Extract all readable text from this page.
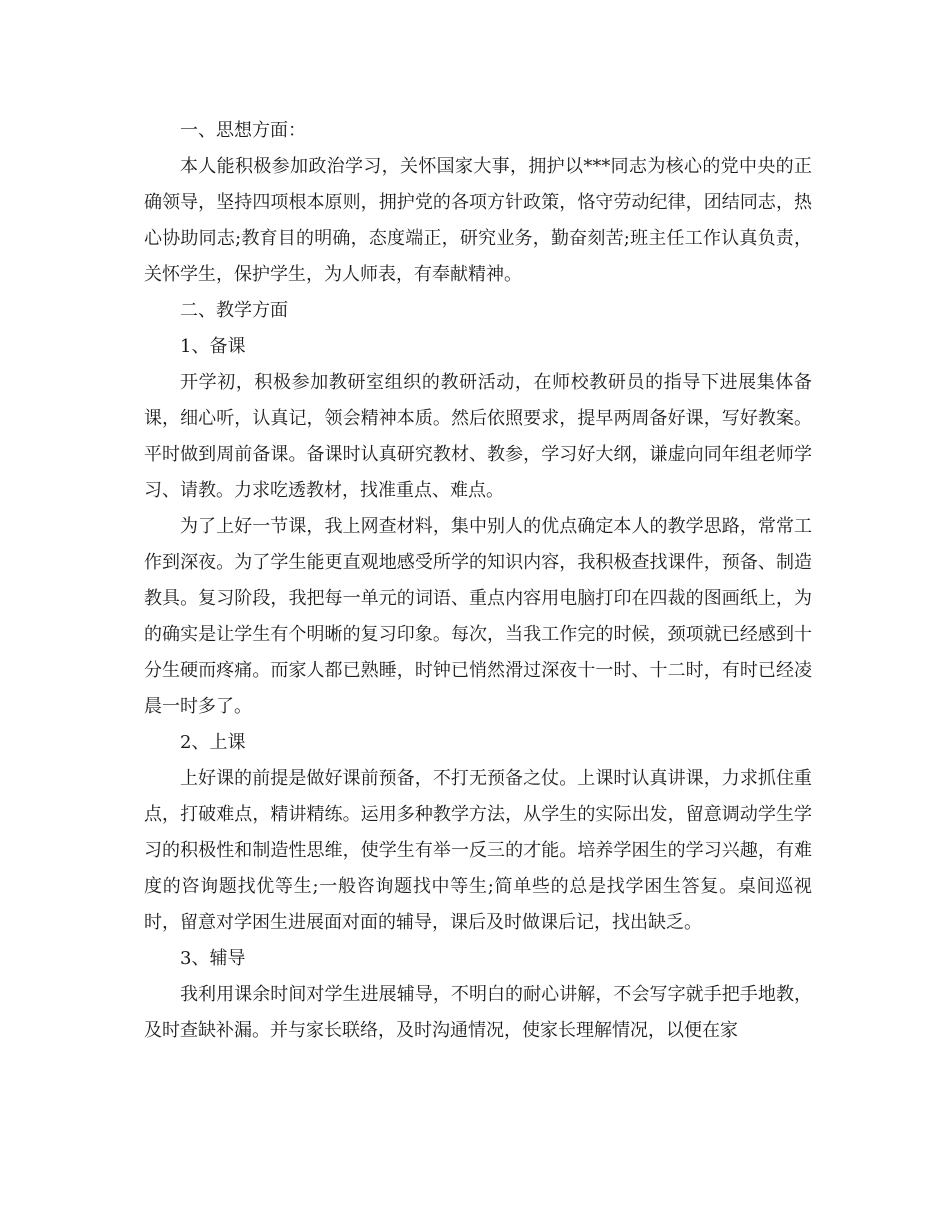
一、思想方面：

本人能积极参加政治学习，关怀国家大事，拥护以***同志为核心的党中央的正确领导，坚持四项根本原则，拥护党的各项方针政策，恪守劳动纪律，团结同志，热心协助同志;教育目的明确，态度端正，研究业务，勤奋刻苦;班主任工作认真负责，关怀学生，保护学生，为人师表，有奉献精神。

二、教学方面

1、备课

开学初，积极参加教研室组织的教研活动，在师校教研员的指导下进展集体备课，细心听，认真记，领会精神本质。然后依照要求，提早两周备好课，写好教案。平时做到周前备课。备课时认真研究教材、教参，学习好大纲，谦虚向同年组老师学习、请教。力求吃透教材，找准重点、难点。

为了上好一节课，我上网查材料，集中别人的优点确定本人的教学思路，常常工作到深夜。为了学生能更直观地感受所学的知识内容，我积极查找课件，预备、制造教具。复习阶段，我把每一单元的词语、重点内容用电脑打印在四裁的图画纸上，为的确实是让学生有个明晰的复习印象。每次，当我工作完的时候，颈项就已经感到十分生硬而疼痛。而家人都已熟睡，时钟已悄然滑过深夜十一时、十二时，有时已经凌晨一时多了。

2、上课

上好课的前提是做好课前预备，不打无预备之仗。上课时认真讲课，力求抓住重点，打破难点，精讲精练。运用多种教学方法，从学生的实际出发，留意调动学生学习的积极性和制造性思维，使学生有举一反三的才能。培养学困生的学习兴趣，有难度的咨询题找优等生;一般咨询题找中等生;简单些的总是找学困生答复。桌间巡视时，留意对学困生进展面对面的辅导，课后及时做课后记，找出缺乏。

3、辅导

我利用课余时间对学生进展辅导，不明白的耐心讲解，不会写字就手把手地教，及时查缺补漏。并与家长联络，及时沟通情况，使家长理解情况，以便在家
